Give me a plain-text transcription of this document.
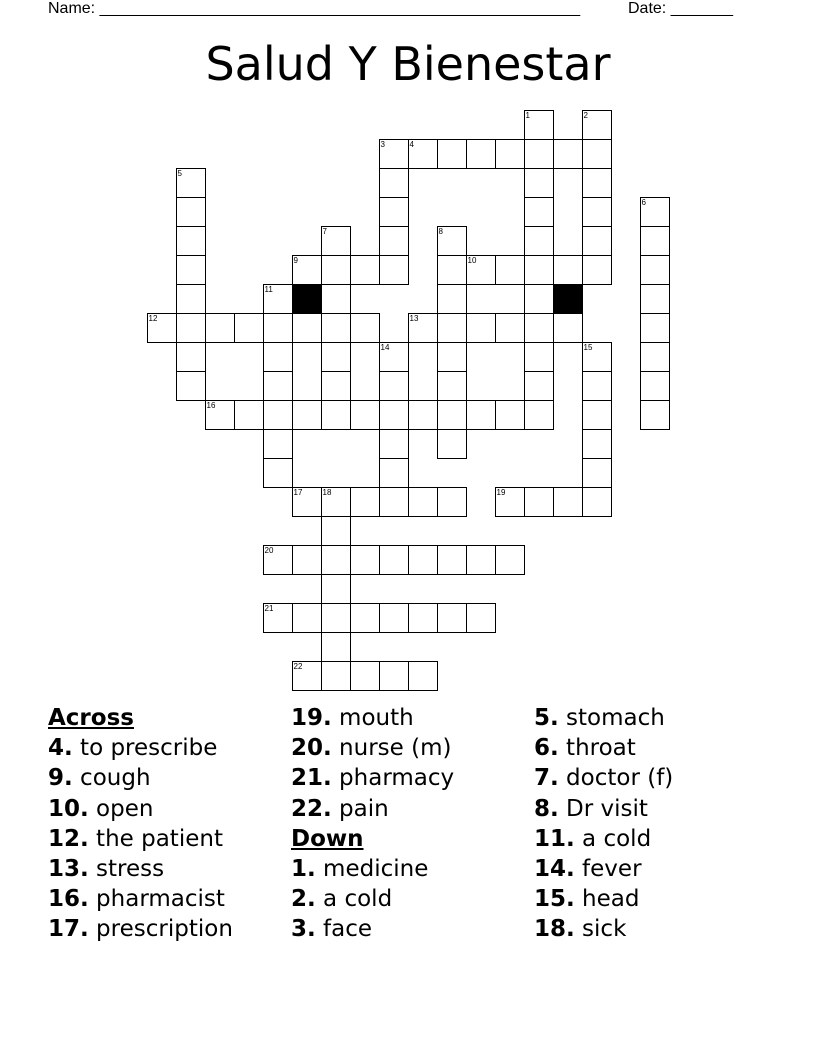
Name: ______________________________________________________	Date: _______
Salud Y Bienestar
4
9	10
11
12	13
16
17	18	19
20
21
22
1	2
3
5
6
7	8
14	15
Across
4. to prescribe
9. cough
10. open
12. the patient
13. stress
16. pharmacist
17. prescription
19. mouth
20. nurse (m)
21. pharmacy
22. pain
Down
1. medicine
2. a cold
3. face
5. stomach
6. throat
7. doctor (f)
8. Dr visit
11. a cold
14. fever
15. head
18. sick
